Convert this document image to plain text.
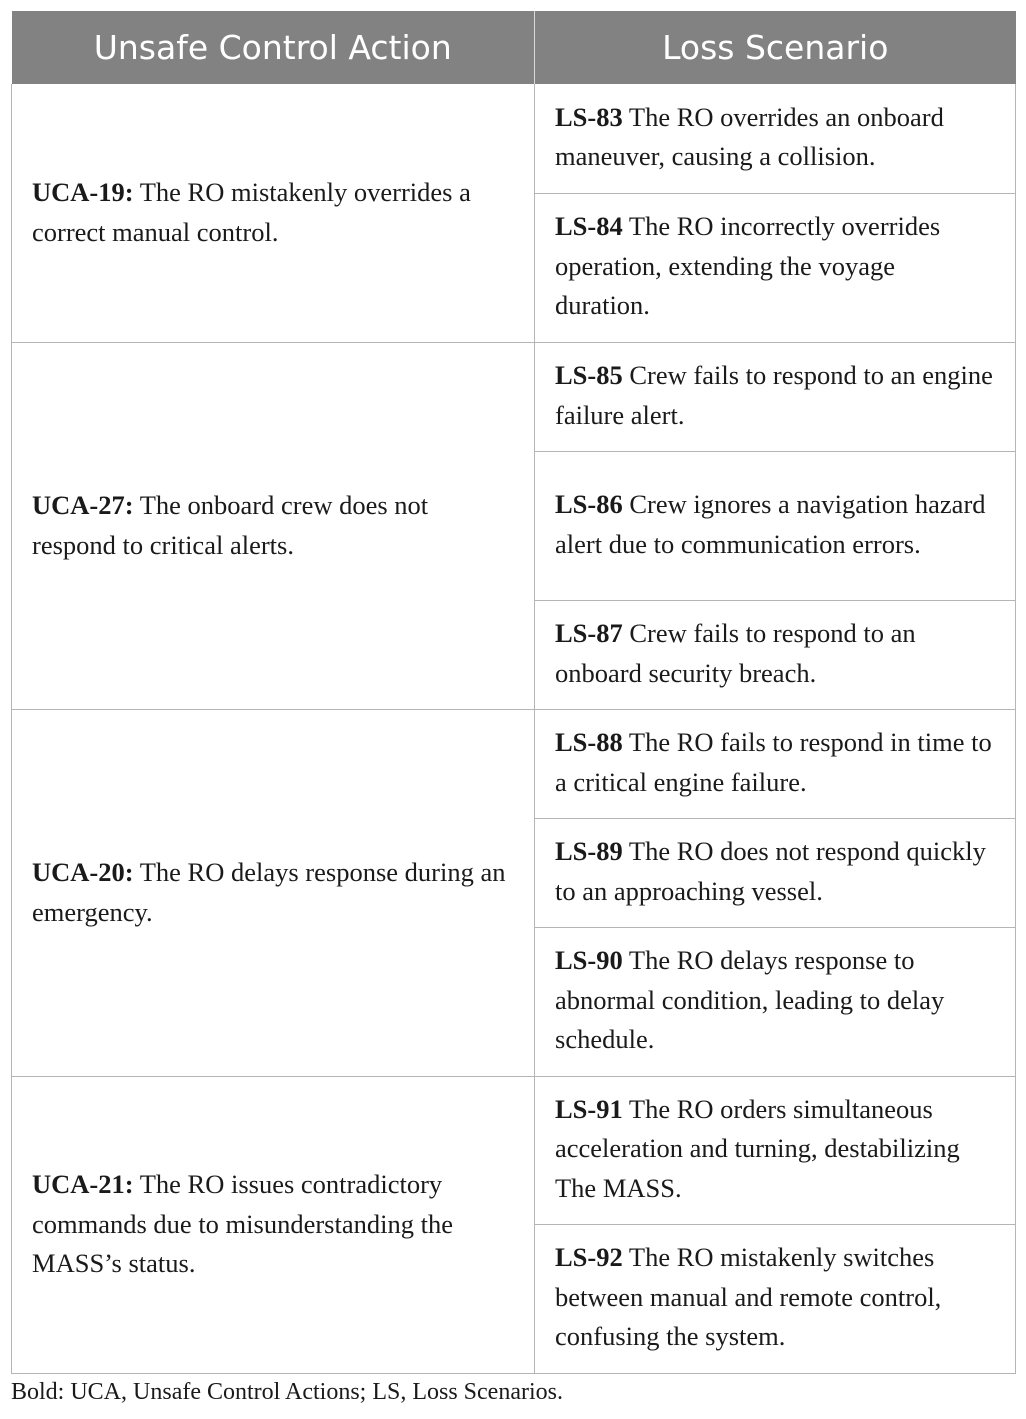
Unsafe Control Action	Loss Scenario
UCA-19: The RO mistakenly overrides a correct manual control.	LS-83 The RO overrides an onboard maneuver, causing a collision.
	LS-84 The RO incorrectly overrides operation, extending the voyage duration.
UCA-27: The onboard crew does not respond to critical alerts.	LS-85 Crew fails to respond to an engine failure alert.
	LS-86 Crew ignores a navigation hazard alert due to communication errors.
	LS-87 Crew fails to respond to an onboard security breach.
UCA-20: The RO delays response during an emergency.	LS-88 The RO fails to respond in time to a critical engine failure.
	LS-89 The RO does not respond quickly to an approaching vessel.
	LS-90 The RO delays response to abnormal condition, leading to delay schedule.
UCA-21: The RO issues contradictory commands due to misunderstanding the MASS’s status.	LS-91 The RO orders simultaneous acceleration and turning, destabilizing The MASS.
	LS-92 The RO mistakenly switches between manual and remote control, confusing the system.
Bold: UCA, Unsafe Control Actions; LS, Loss Scenarios.
